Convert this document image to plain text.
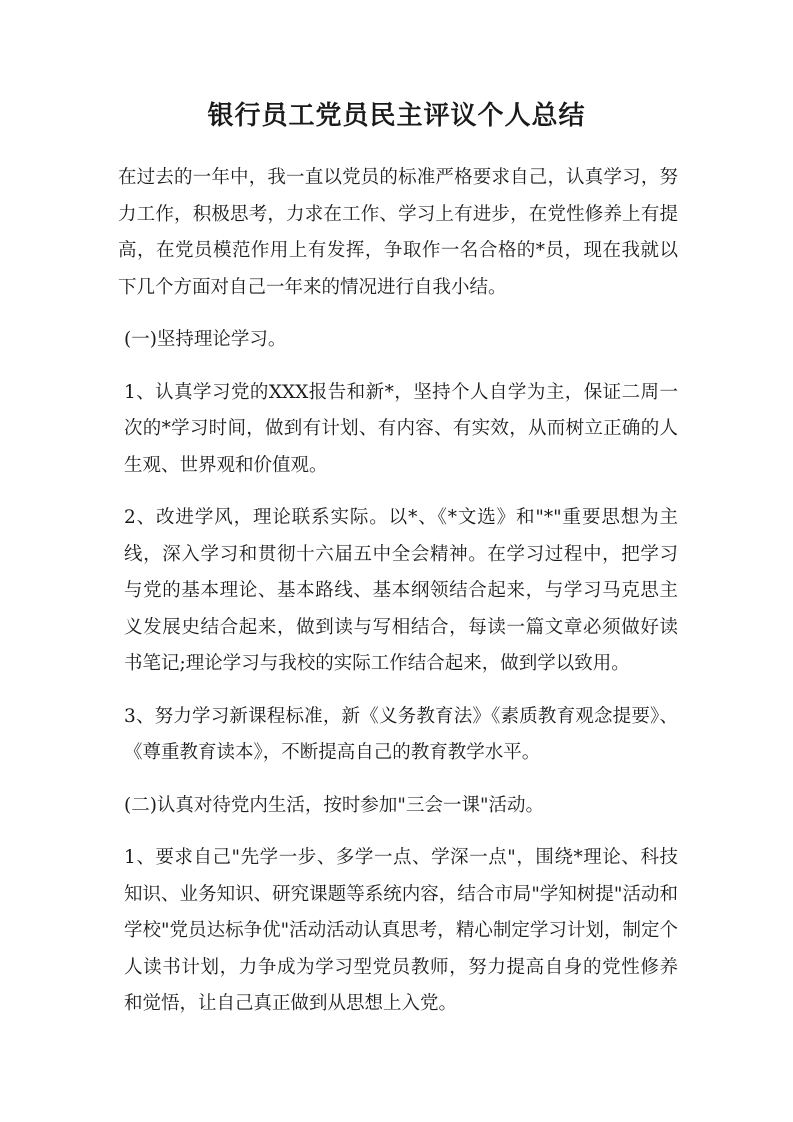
银行员工党员民主评议个人总结

在过去的一年中，我一直以党员的标准严格要求自己，认真学习，努力工作，积极思考，力求在工作、学习上有进步，在党性修养上有提高，在党员模范作用上有发挥，争取作一名合格的*员，现在我就以下几个方面对自己一年来的情况进行自我小结。

(一)坚持理论学习。

1、认真学习党的XXX报告和新*，坚持个人自学为主，保证二周一次的*学习时间，做到有计划、有内容、有实效，从而树立正确的人生观、世界观和价值观。

2、改进学风，理论联系实际。以*、《*文选》和"*"重要思想为主线，深入学习和贯彻十六届五中全会精神。在学习过程中，把学习与党的基本理论、基本路线、基本纲领结合起来，与学习马克思主义发展史结合起来，做到读与写相结合，每读一篇文章必须做好读书笔记;理论学习与我校的实际工作结合起来，做到学以致用。

3、努力学习新课程标准，新《义务教育法》《素质教育观念提要》、《尊重教育读本》，不断提高自己的教育教学水平。

(二)认真对待党内生活，按时参加"三会一课"活动。

1、要求自己"先学一步、多学一点、学深一点"，围绕*理论、科技知识、业务知识、研究课题等系统内容，结合市局"学知树提"活动和学校"党员达标争优"活动活动认真思考，精心制定学习计划，制定个人读书计划，力争成为学习型党员教师，努力提高自身的党性修养和觉悟，让自己真正做到从思想上入党。
